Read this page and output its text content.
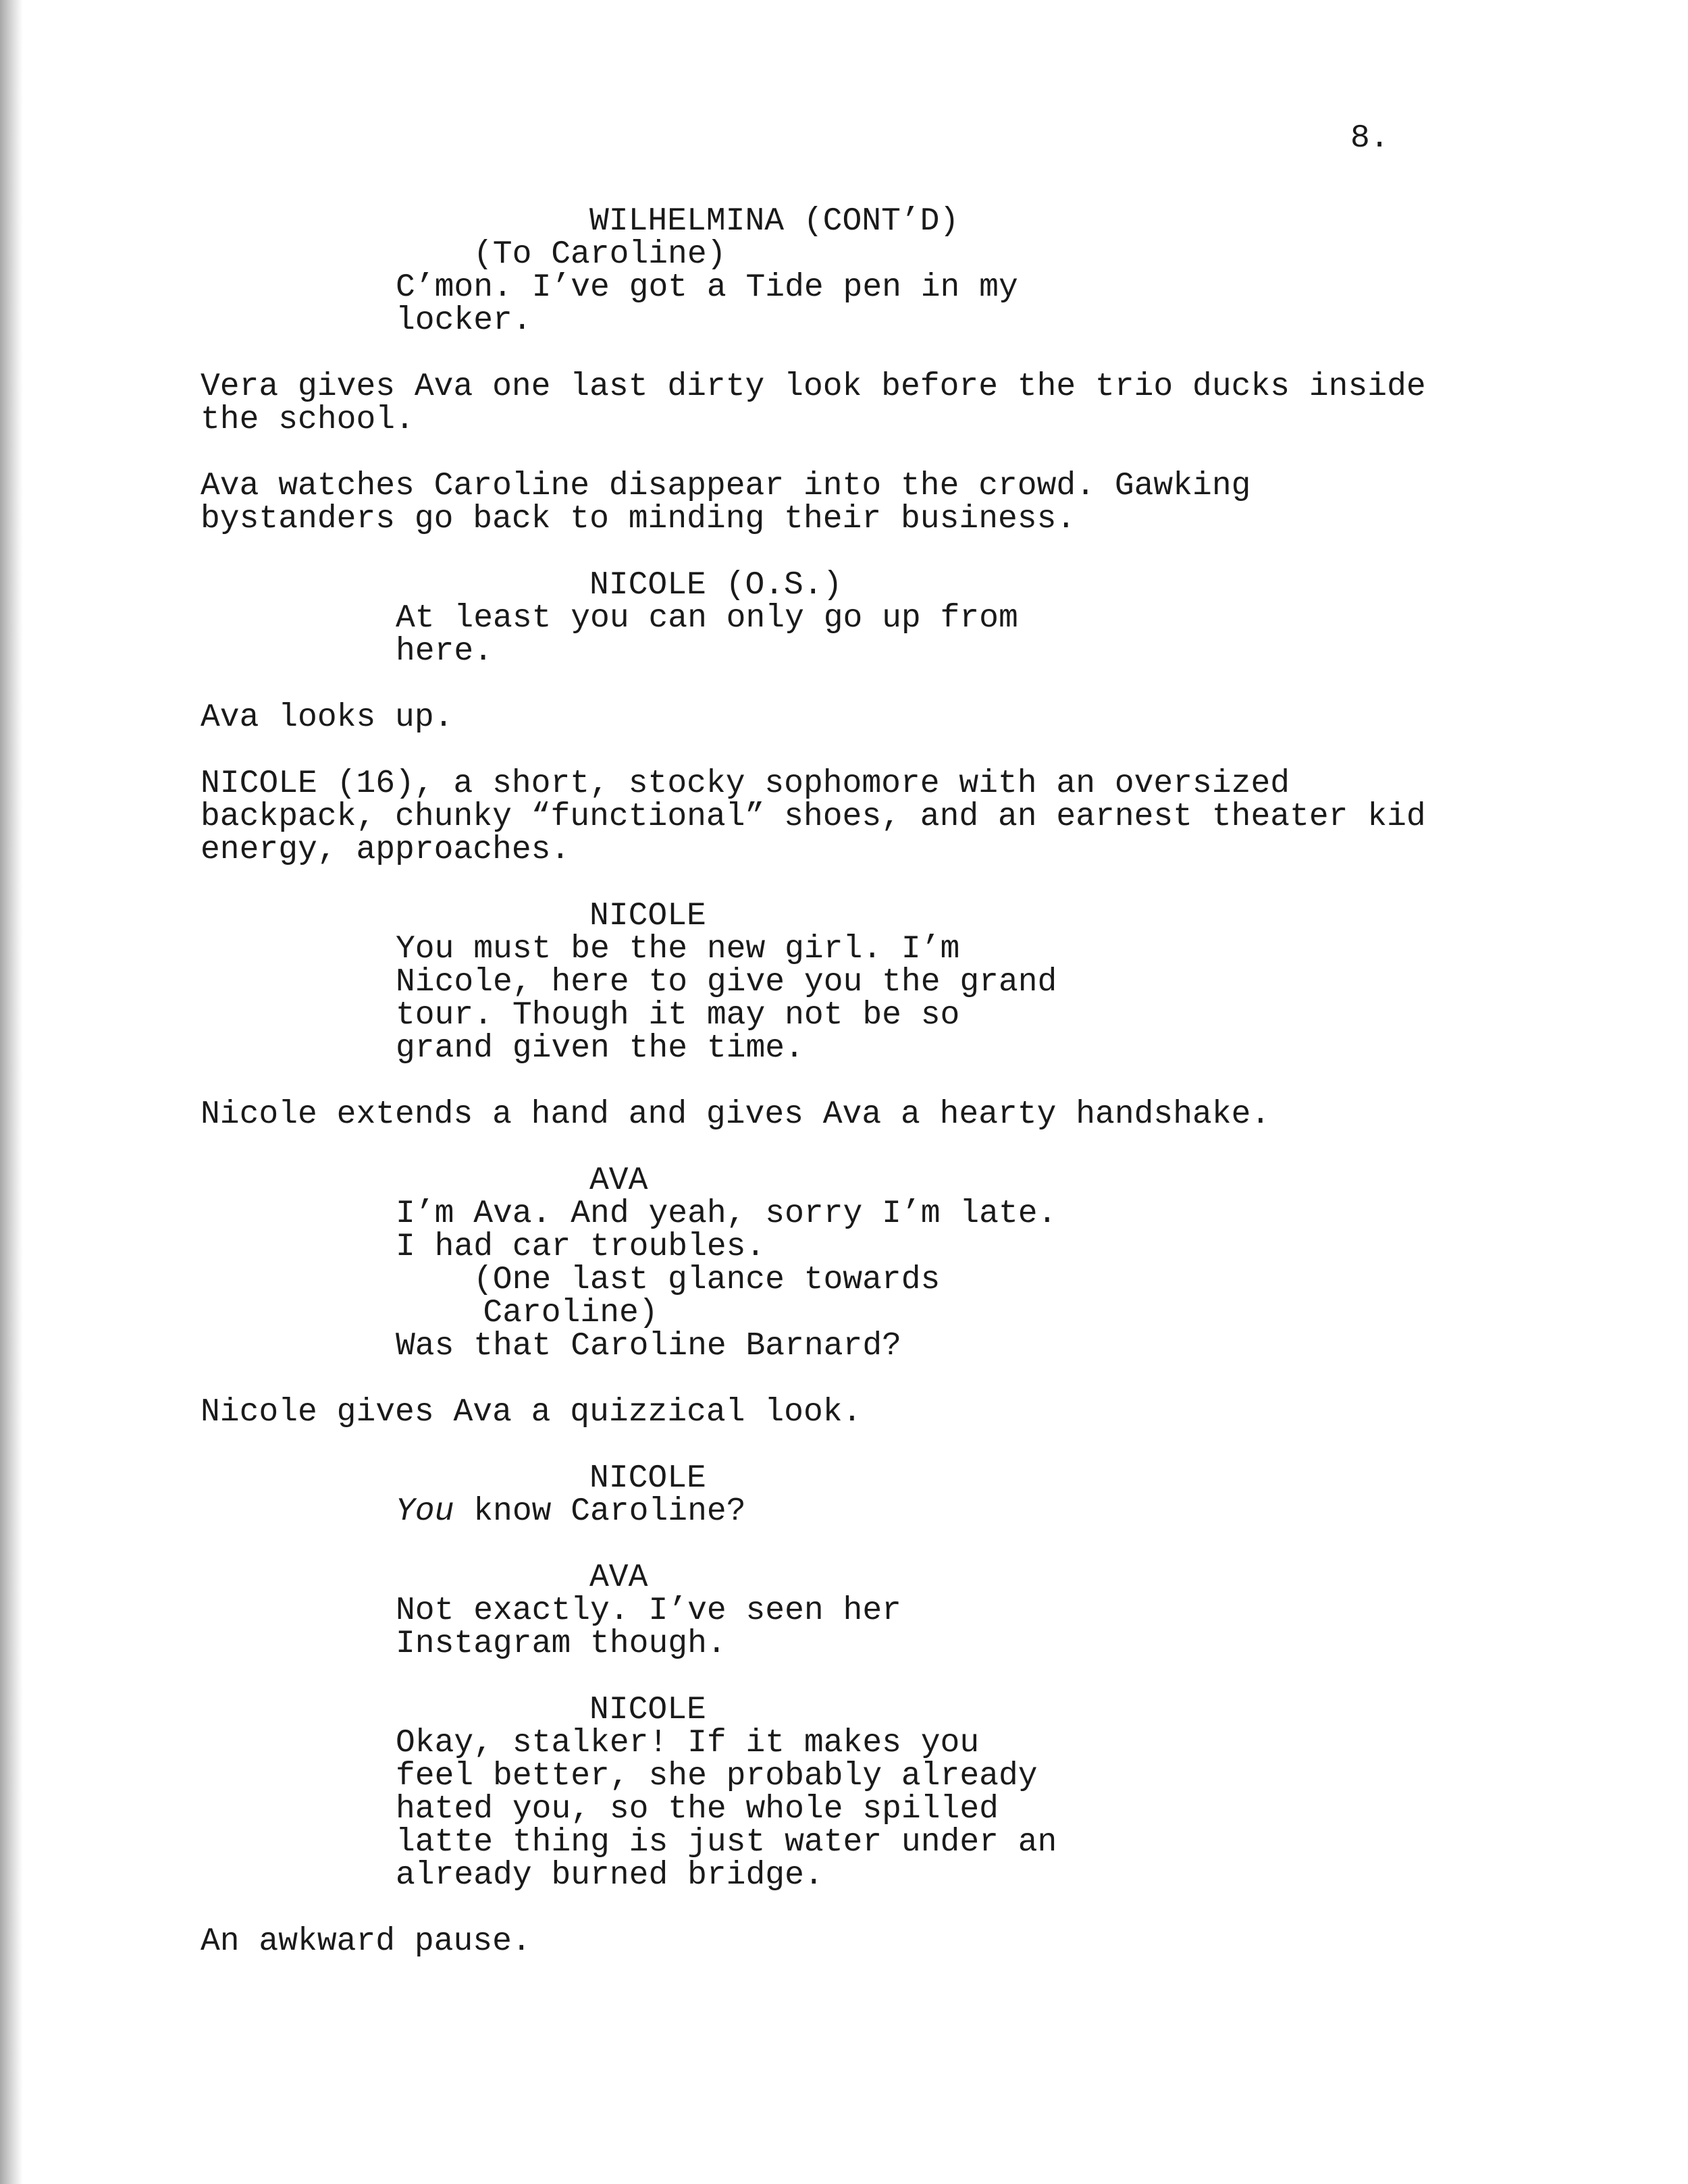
8.
WILHELMINA (CONT’D)
(To Caroline)
C’mon. I’ve got a Tide pen in my
locker.
Vera gives Ava one last dirty look before the trio ducks inside
the school.
Ava watches Caroline disappear into the crowd. Gawking
bystanders go back to minding their business.
NICOLE (O.S.)
At least you can only go up from
here.
Ava looks up.
NICOLE (16), a short, stocky sophomore with an oversized
backpack, chunky “functional” shoes, and an earnest theater kid
energy, approaches.
NICOLE
You must be the new girl. I’m
Nicole, here to give you the grand
tour. Though it may not be so
grand given the time.
Nicole extends a hand and gives Ava a hearty handshake.
AVA
I’m Ava. And yeah, sorry I’m late.
I had car troubles.
(One last glance towards
Caroline)
Was that Caroline Barnard?
Nicole gives Ava a quizzical look.
NICOLE
You know Caroline?
AVA
Not exactly. I’ve seen her
Instagram though.
NICOLE
Okay, stalker! If it makes you
feel better, she probably already
hated you, so the whole spilled
latte thing is just water under an
already burned bridge.
An awkward pause.
